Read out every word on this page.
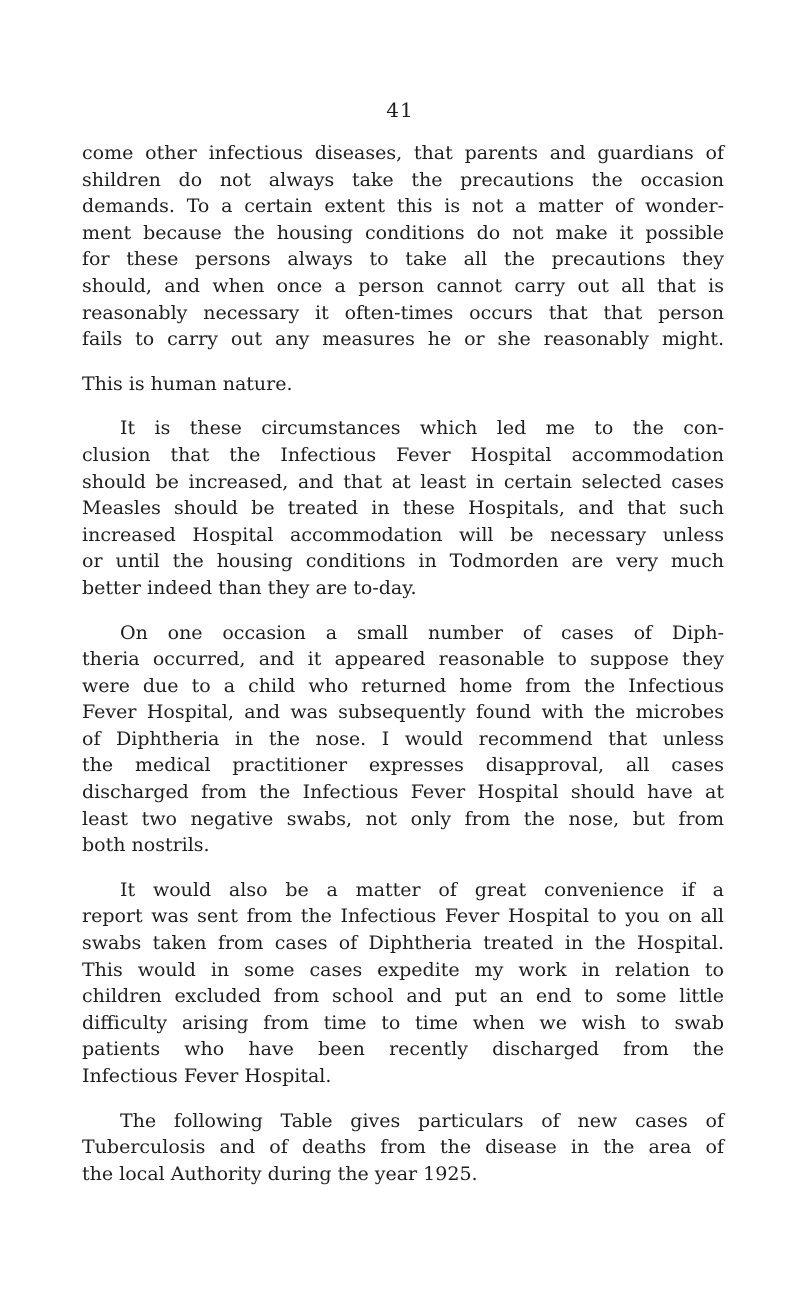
41
come other infectious diseases, that parents and guardians of
shildren do not always take the precautions the occasion
demands. To a certain extent this is not a matter of wonder-
ment because the housing conditions do not make it possible
for these persons always to take all the precautions they
should, and when once a person cannot carry out all that is
reasonably necessary it often-times occurs that that person
fails to carry out any measures he or she reasonably might.
This is human nature.
It is these circumstances which led me to the con-
clusion that the Infectious Fever Hospital accommodation
should be increased, and that at least in certain selected cases
Measles should be treated in these Hospitals, and that such
increased Hospital accommodation will be necessary unless
or until the housing conditions in Todmorden are very much
better indeed than they are to-day.
On one occasion a small number of cases of Diph-
theria occurred, and it appeared reasonable to suppose they
were due to a child who returned home from the Infectious
Fever Hospital, and was subsequently found with the microbes
of Diphtheria in the nose. I would recommend that unless
the medical practitioner expresses disapproval, all cases
discharged from the Infectious Fever Hospital should have at
least two negative swabs, not only from the nose, but from
both nostrils.
It would also be a matter of great convenience if a
report was sent from the Infectious Fever Hospital to you on all
swabs taken from cases of Diphtheria treated in the Hospital.
This would in some cases expedite my work in relation to
children excluded from school and put an end to some little
difficulty arising from time to time when we wish to swab
patients who have been recently discharged from the
Infectious Fever Hospital.
The following Table gives particulars of new cases of
Tuberculosis and of deaths from the disease in the area of
the local Authority during the year 1925.
